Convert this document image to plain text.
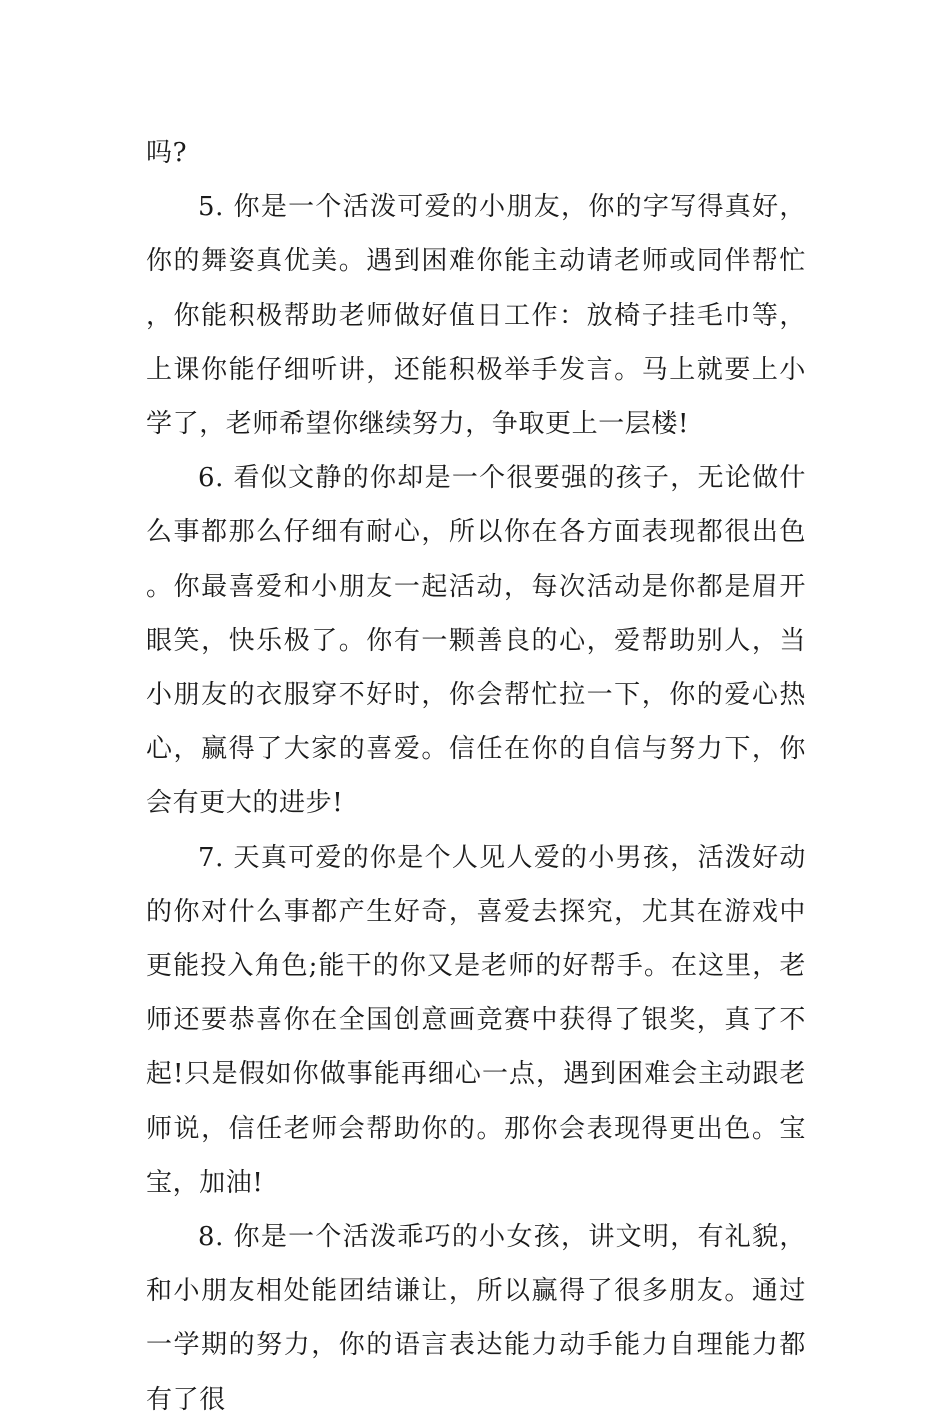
吗?

5. 你是一个活泼可爱的小朋友，你的字写得真好，你的舞姿真优美。遇到困难你能主动请老师或同伴帮忙，你能积极帮助老师做好值日工作：放椅子挂毛巾等，上课你能仔细听讲，还能积极举手发言。马上就要上小学了，老师希望你继续努力，争取更上一层楼!

6. 看似文静的你却是一个很要强的孩子，无论做什么事都那么仔细有耐心，所以你在各方面表现都很出色。你最喜爱和小朋友一起活动，每次活动是你都是眉开眼笑，快乐极了。你有一颗善良的心，爱帮助别人，当小朋友的衣服穿不好时，你会帮忙拉一下，你的爱心热心，赢得了大家的喜爱。信任在你的自信与努力下，你会有更大的进步!

7. 天真可爱的你是个人见人爱的小男孩，活泼好动的你对什么事都产生好奇，喜爱去探究，尤其在游戏中更能投入角色;能干的你又是老师的好帮手。在这里，老师还要恭喜你在全国创意画竞赛中获得了银奖，真了不起!只是假如你做事能再细心一点，遇到困难会主动跟老师说，信任老师会帮助你的。那你会表现得更出色。宝宝，加油!

8. 你是一个活泼乖巧的小女孩，讲文明，有礼貌，和小朋友相处能团结谦让，所以赢得了很多朋友。通过一学期的努力，你的语言表达能力动手能力自理能力都有了很
